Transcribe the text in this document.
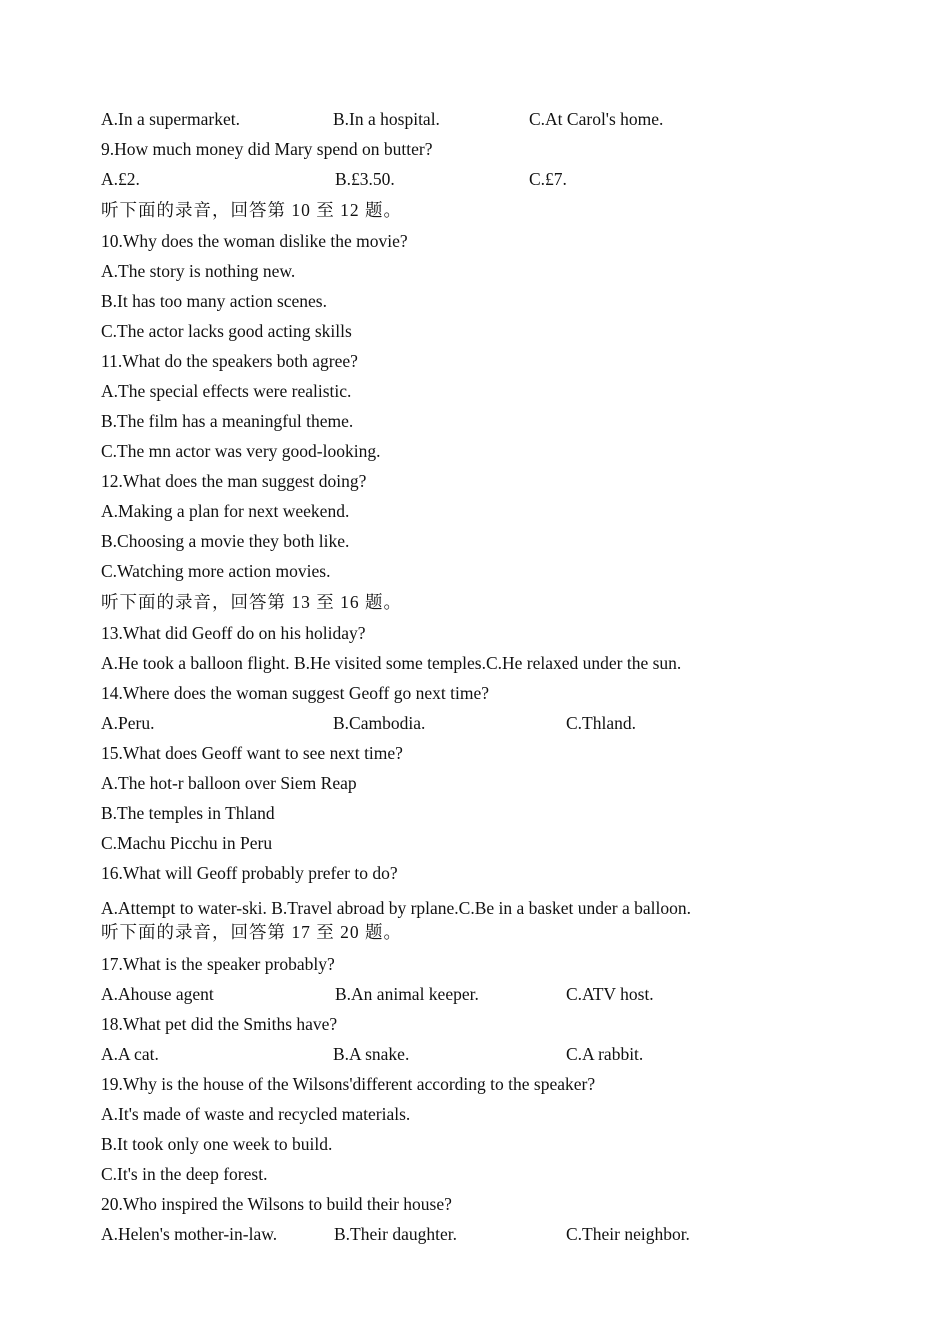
A.In a supermarket.	B.In a hospital.	C.At Carol's home.
9.How much money did Mary spend on butter?
A.£2.	B.£3.50.	C.£7.
听下面的录音，回答第 10 至 12 题。
10.Why does the woman dislike the movie?
A.The story is nothing new.
B.It has too many action scenes.
C.The actor lacks good acting skills
11.What do the speakers both agree?
A.The special effects were realistic.
B.The film has a meaningful theme.
C.The mn actor was very good-looking.
12.What does the man suggest doing?
A.Making a plan for next weekend.
B.Choosing a movie they both like.
C.Watching more action movies.
听下面的录音，回答第 13 至 16 题。
13.What did Geoff do on his holiday?
A.He took a balloon flight. B.He visited some temples.C.He relaxed under the sun.
14.Where does the woman suggest Geoff go next time?
A.Peru.	B.Cambodia.	C.Thland.
15.What does Geoff want to see next time?
A.The hot-r balloon over Siem Reap
B.The temples in Thland
C.Machu Picchu in Peru
16.What will Geoff probably prefer to do?
A.Attempt to water-ski. B.Travel abroad by rplane.C.Be in a basket under a balloon.
听下面的录音，回答第 17 至 20 题。
17.What is the speaker probably?
A.Ahouse agent	B.An animal keeper.	C.ATV host.
18.What pet did the Smiths have?
A.A cat.	B.A snake.	C.A rabbit.
19.Why is the house of the Wilsons'different according to the speaker?
A.It's made of waste and recycled materials.
B.It took only one week to build.
C.It's in the deep forest.
20.Who inspired the Wilsons to build their house?
A.Helen's mother-in-law.	B.Their daughter.	C.Their neighbor.
